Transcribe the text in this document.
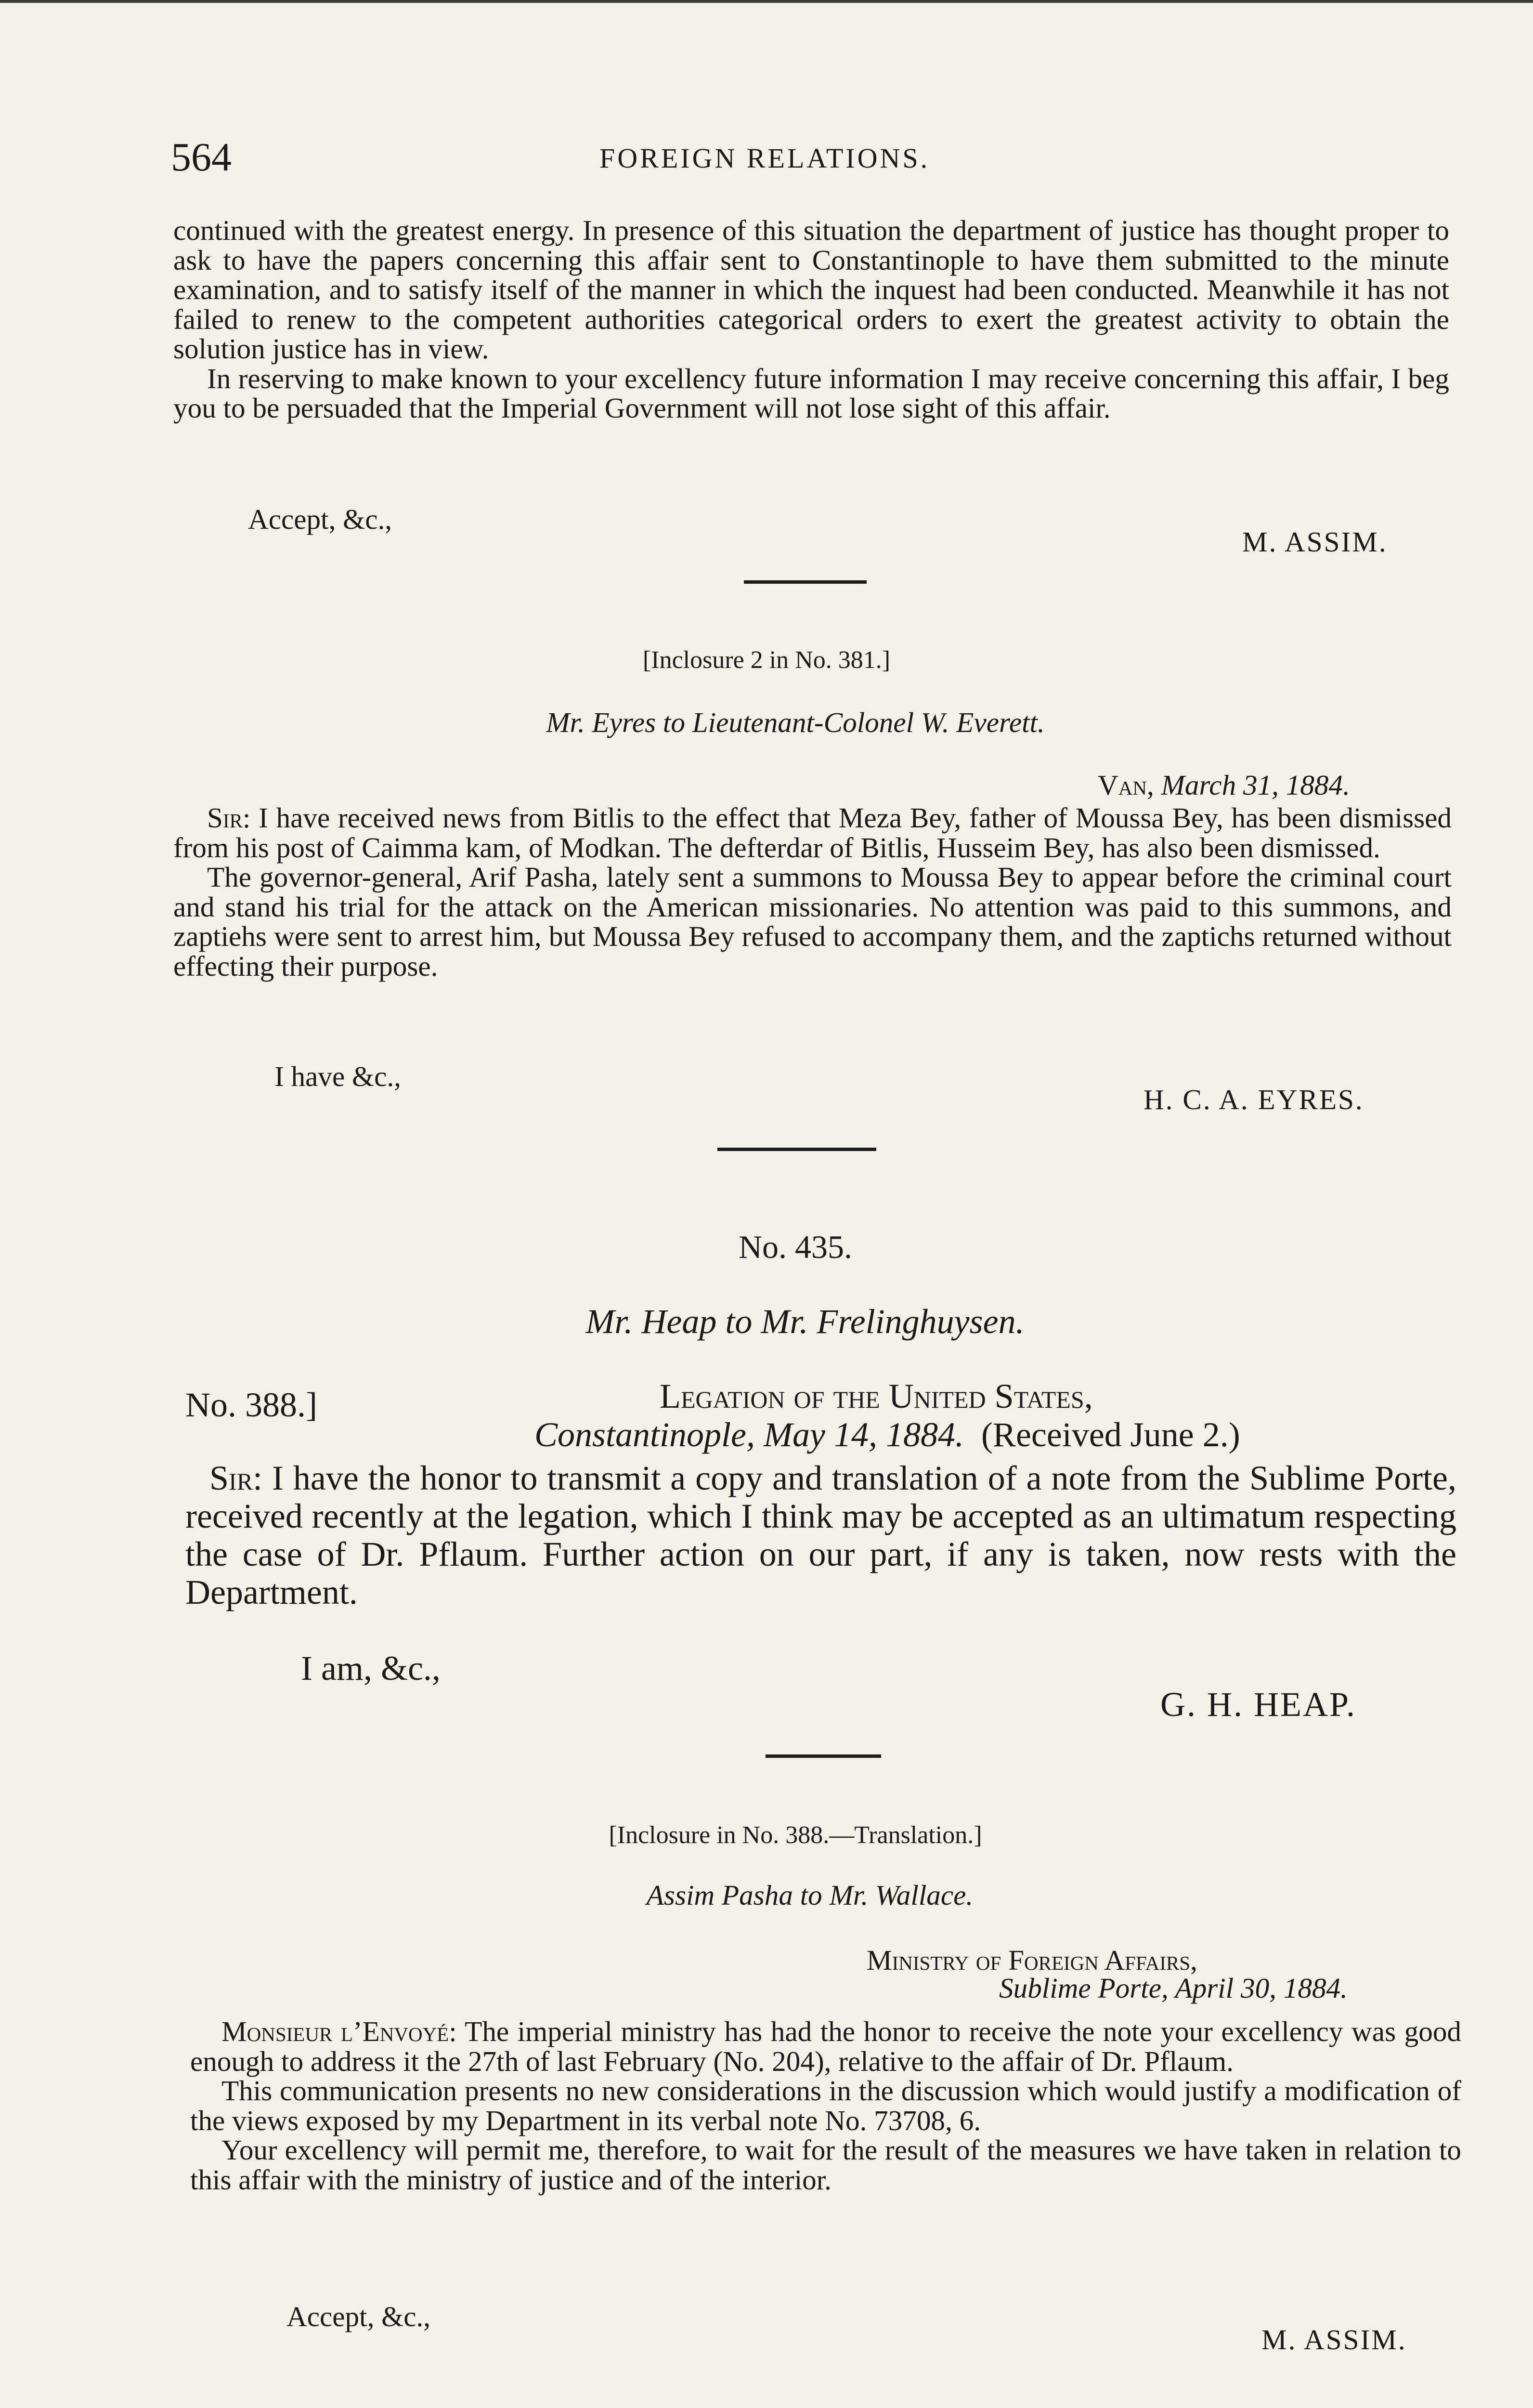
564	FOREIGN RELATIONS.

continued with the greatest energy. In presence of this situation the department of justice has thought proper to ask to have the papers concerning this affair sent to Constantinople to have them submitted to the minute examination, and to satisfy itself of the manner in which the inquest had been conducted. Meanwhile it has not failed to renew to the competent authorities categorical orders to exert the greatest activity to obtain the solution justice has in view.

In reserving to make known to your excellency future information I may receive concerning this affair, I beg you to be persuaded that the Imperial Government will not lose sight of this affair.

Accept, &c.,

M. ASSIM.

[Inclosure 2 in No. 381.]

Mr. Eyres to Lieutenant-Colonel W. Everett.

Van, March 31, 1884.

Sir: I have received news from Bitlis to the effect that Meza Bey, father of Moussa Bey, has been dismissed from his post of Caimma kam, of Modkan. The defterdar of Bitlis, Husseim Bey, has also been dismissed.

The governor-general, Arif Pasha, lately sent a summons to Moussa Bey to appear before the criminal court and stand his trial for the attack on the American missionaries. No attention was paid to this summons, and zaptiehs were sent to arrest him, but Moussa Bey refused to accompany them, and the zaptichs returned without effecting their purpose.

I have &c.,

H. C. A. EYRES.

No. 435.

Mr. Heap to Mr. Frelinghuysen.

No. 388.]	Legation of the United States,

Constantinople, May 14, 1884. (Received June 2.)

Sir: I have the honor to transmit a copy and translation of a note from the Sublime Porte, received recently at the legation, which I think may be accepted as an ultimatum respecting the case of Dr. Pflaum. Further action on our part, if any is taken, now rests with the Department.

I am, &c.,

G. H. HEAP.

[Inclosure in No. 388.—Translation.]

Assim Pasha to Mr. Wallace.

Ministry of Foreign Affairs,

Sublime Porte, April 30, 1884.

Monsieur l’Envoyé: The imperial ministry has had the honor to receive the note your excellency was good enough to address it the 27th of last February (No. 204), relative to the affair of Dr. Pflaum.

This communication presents no new considerations in the discussion which would justify a modification of the views exposed by my Department in its verbal note No. 73708, 6.

Your excellency will permit me, therefore, to wait for the result of the measures we have taken in relation to this affair with the ministry of justice and of the interior.

Accept, &c.,

M. ASSIM.
